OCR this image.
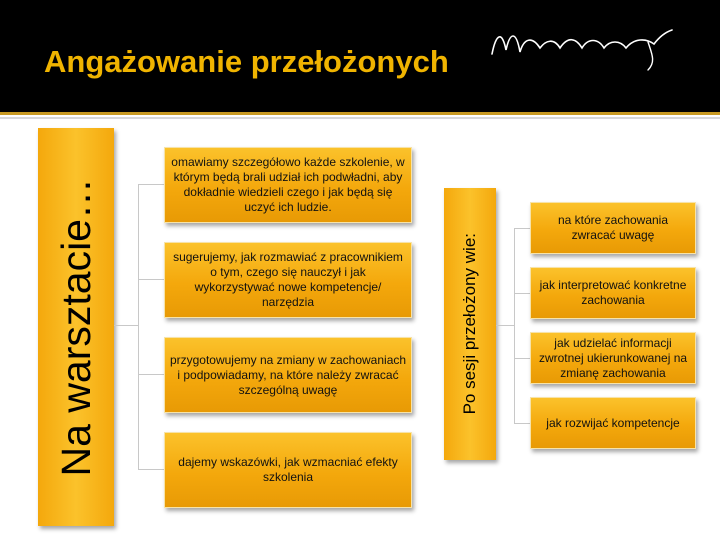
Angażowanie przełożonych
Na warsztacie…
omawiamy szczegółowo każde szkolenie, w którym będą brali udział ich podwładni, aby dokładnie wiedzieli czego i jak będą się uczyć ich ludzie.
sugerujemy, jak rozmawiać z pracownikiem o tym, czego się nauczył i jak wykorzystywać nowe kompetencje/ narzędzia
przygotowujemy na zmiany w zachowaniach i podpowiadamy, na które należy zwracać szczególną uwagę
dajemy wskazówki, jak wzmacniać efekty szkolenia
Po sesji przełożony wie:
na które zachowania zwracać uwagę
jak interpretować konkretne zachowania
jak udzielać informacji zwrotnej ukierunkowanej na zmianę zachowania
jak rozwijać kompetencje
